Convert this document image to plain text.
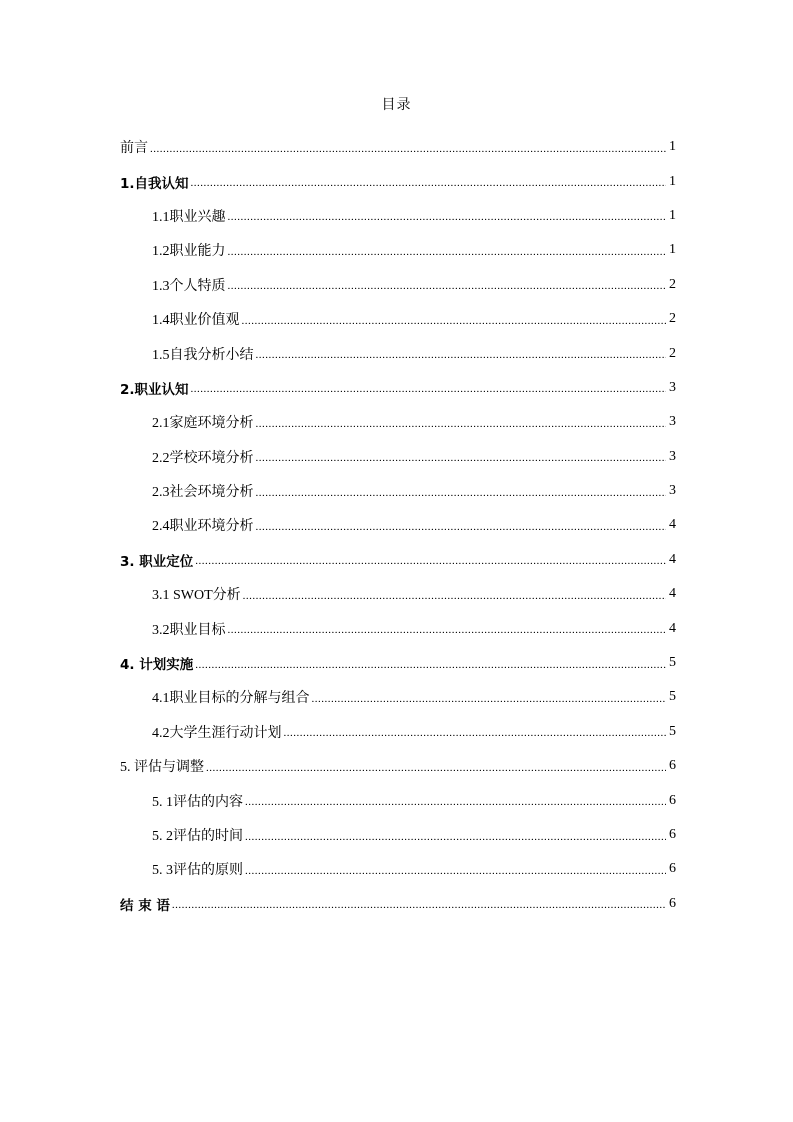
目录
前言 .....	1
1.自我认知 .....	1
1.1职业兴趣 .....	1
1.2职业能力 .....	1
1.3个人特质 .....	2
1.4职业价值观 .....	2
1.5自我分析小结 .....	2
2.职业认知 .....	3
2.1家庭环境分析 .....	3
2.2学校环境分析 .....	3
2.3社会环境分析 .....	3
2.4职业环境分析 .....	4
3. 职业定位 .....	4
3.1 SWOT分析 .....	4
3.2职业目标 .....	4
4. 计划实施 .....	5
4.1职业目标的分解与组合 .....	5
4.2大学生涯行动计划 .....	5
5. 评估与调整 .....	6
5. 1评估的内容 .....	6
5. 2评估的时间 .....	6
5. 3评估的原则 .....	6
结 束 语 .....	6
